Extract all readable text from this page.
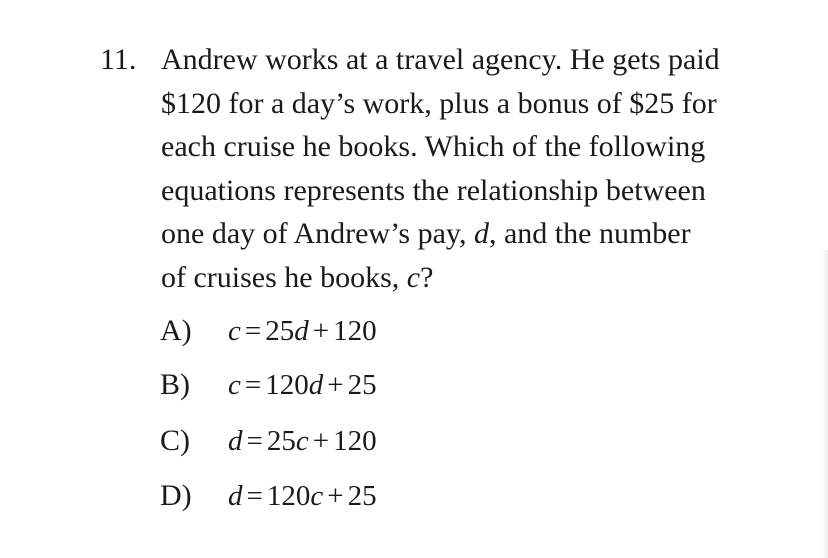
11. Andrew works at a travel agency. He gets paid
$120 for a day’s work, plus a bonus of $25 for
each cruise he books. Which of the following
equations represents the relationship between
one day of Andrew’s pay, d, and the number
of cruises he books, c?
A) c = 25d + 120
B) c = 120d + 25
C) d = 25c + 120
D) d = 120c + 25
